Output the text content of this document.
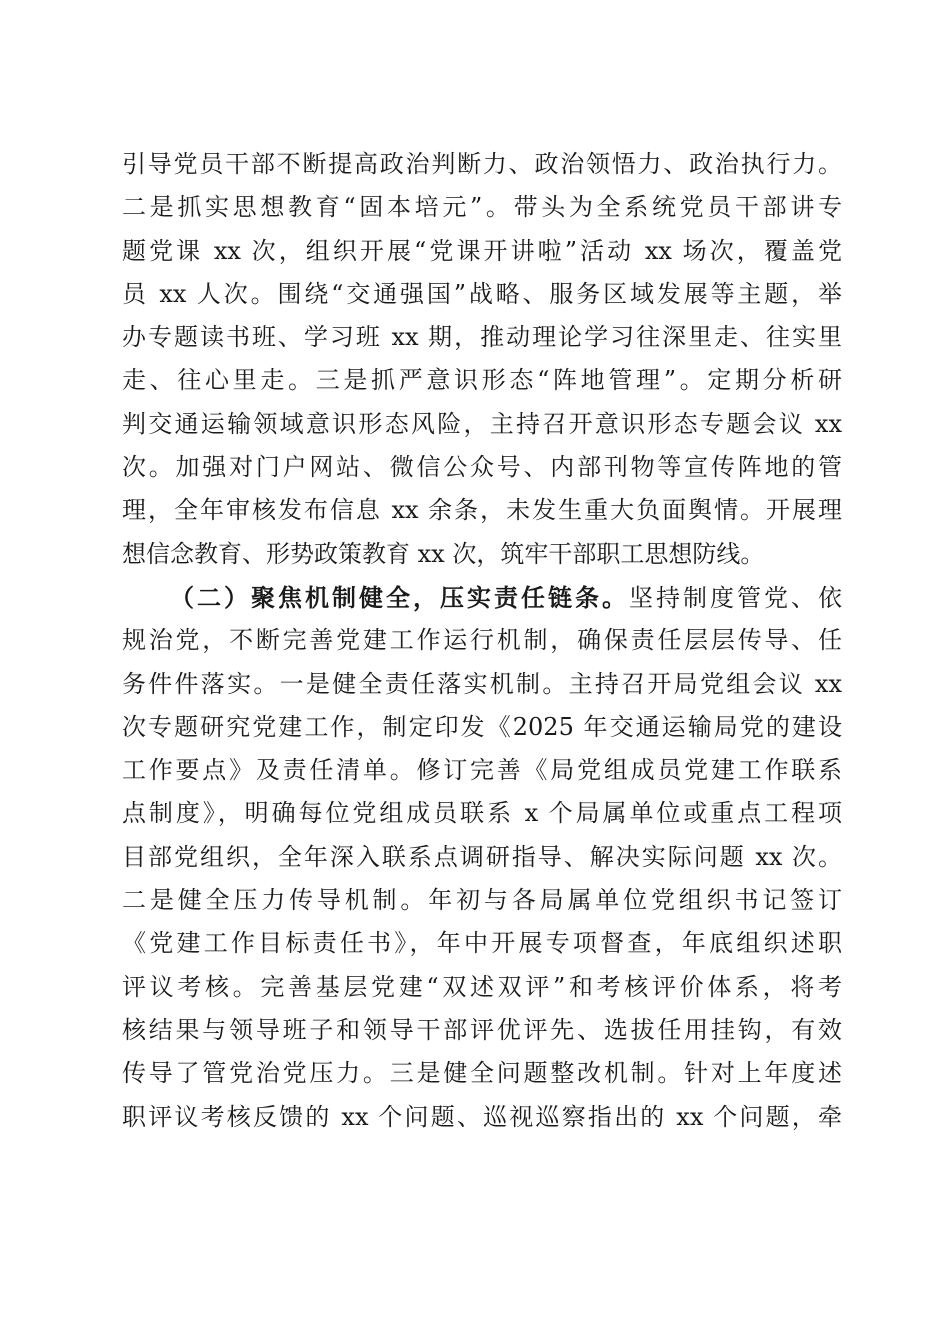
引导党员干部不断提高政治判断力、政治领悟力、政治执行力。
二是抓实思想教育“固本培元”。带头为全系统党员干部讲专
题党课 xx 次，组织开展“党课开讲啦”活动 xx 场次，覆盖党
员 xx 人次。围绕“交通强国”战略、服务区域发展等主题，举
办专题读书班、学习班 xx 期，推动理论学习往深里走、往实里
走、往心里走。三是抓严意识形态“阵地管理”。定期分析研
判交通运输领域意识形态风险，主持召开意识形态专题会议 xx
次。加强对门户网站、微信公众号、内部刊物等宣传阵地的管
理，全年审核发布信息 xx 余条，未发生重大负面舆情。开展理
想信念教育、形势政策教育 xx 次，筑牢干部职工思想防线。
（二）聚焦机制健全，压实责任链条。坚持制度管党、依
规治党，不断完善党建工作运行机制，确保责任层层传导、任
务件件落实。一是健全责任落实机制。主持召开局党组会议 xx
次专题研究党建工作，制定印发《2025 年交通运输局党的建设
工作要点》及责任清单。修订完善《局党组成员党建工作联系
点制度》，明确每位党组成员联系 x 个局属单位或重点工程项
目部党组织，全年深入联系点调研指导、解决实际问题 xx 次。
二是健全压力传导机制。年初与各局属单位党组织书记签订
《党建工作目标责任书》，年中开展专项督查，年底组织述职
评议考核。完善基层党建“双述双评”和考核评价体系，将考
核结果与领导班子和领导干部评优评先、选拔任用挂钩，有效
传导了管党治党压力。三是健全问题整改机制。针对上年度述
职评议考核反馈的 xx 个问题、巡视巡察指出的 xx 个问题，牵
